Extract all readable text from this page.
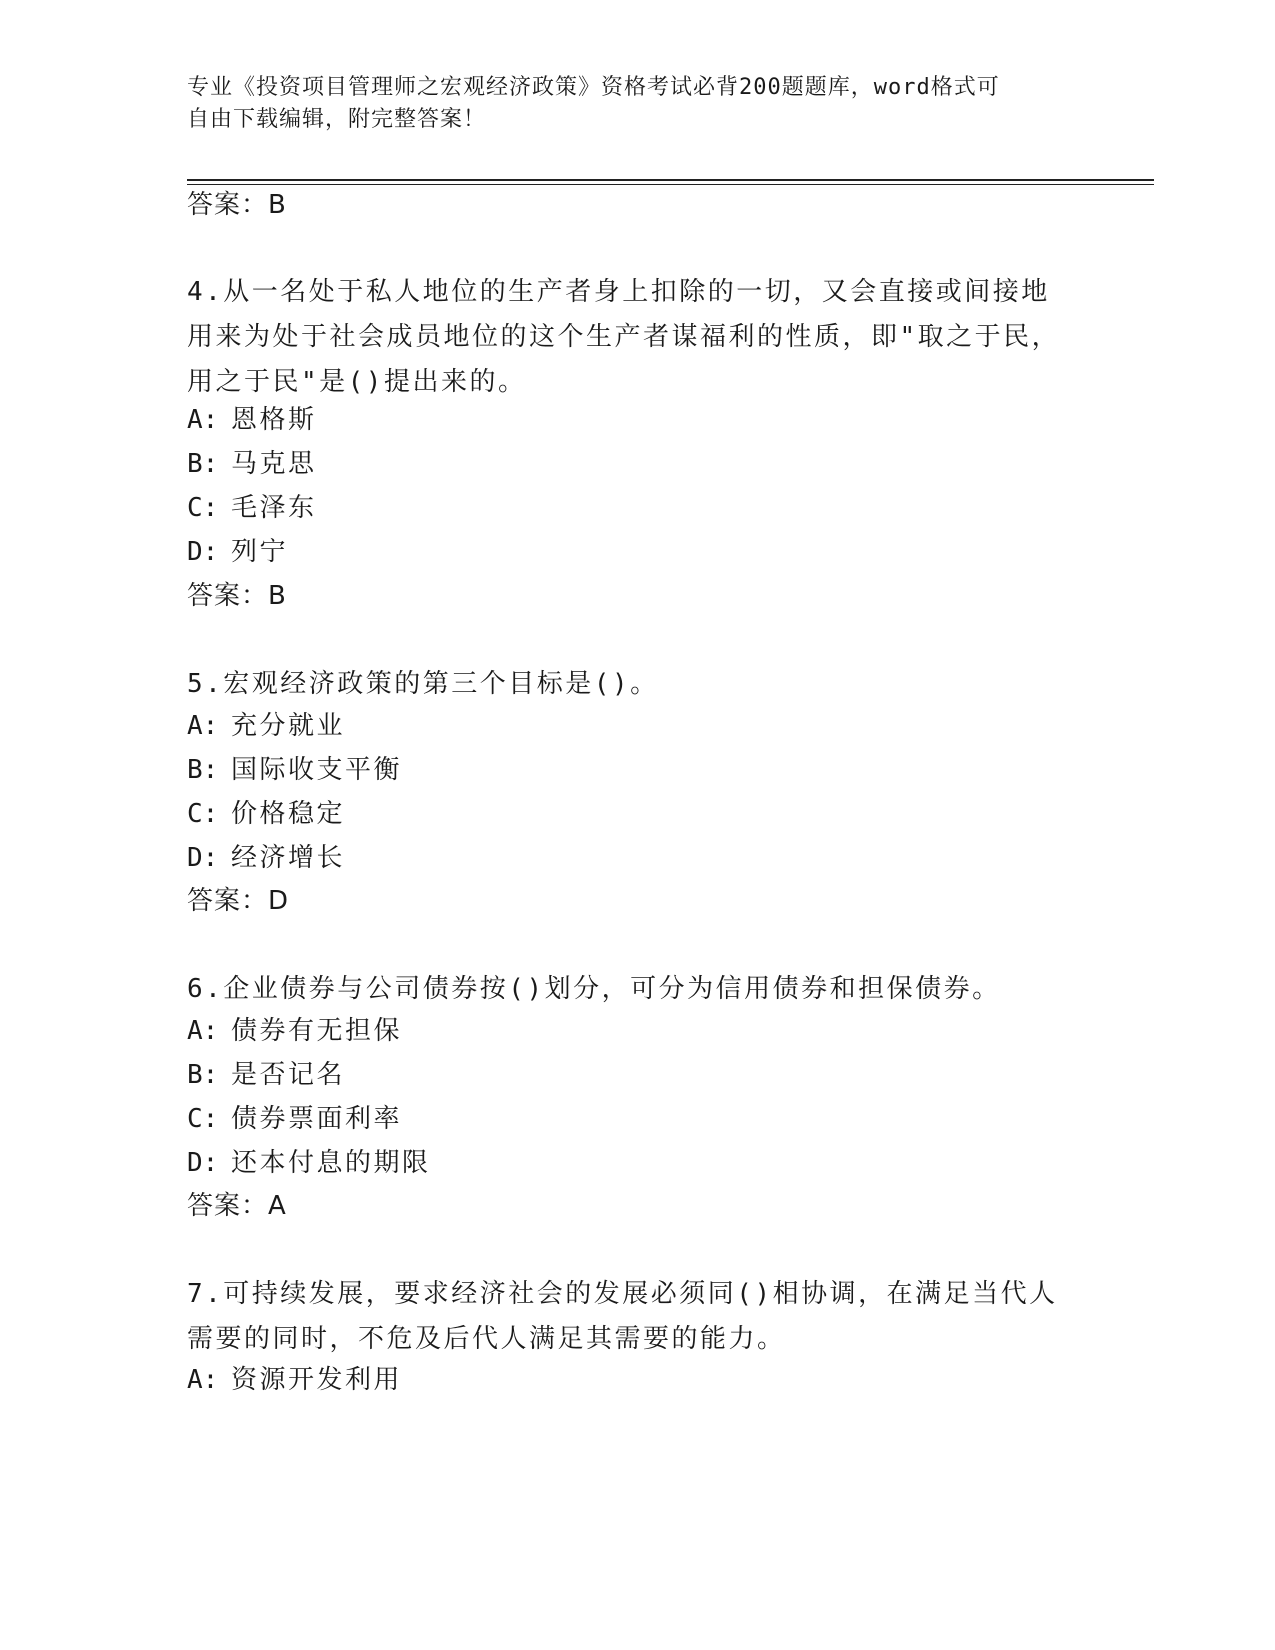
专业《投资项目管理师之宏观经济政策》资格考试必背200题题库，word格式可
自由下载编辑，附完整答案！
答案：B
4.从一名处于私人地位的生产者身上扣除的一切，又会直接或间接地用来为处于社会成员地位的这个生产者谋福利的性质，即"取之于民，用之于民"是()提出来的。
A: 恩格斯
B: 马克思
C: 毛泽东
D: 列宁
答案：B
5.宏观经济政策的第三个目标是()。
A: 充分就业
B: 国际收支平衡
C: 价格稳定
D: 经济增长
答案：D
6.企业债券与公司债券按()划分，可分为信用债券和担保债券。
A: 债券有无担保
B: 是否记名
C: 债券票面利率
D: 还本付息的期限
答案：A
7.可持续发展，要求经济社会的发展必须同()相协调，在满足当代人需要的同时，不危及后代人满足其需要的能力。
A: 资源开发利用
